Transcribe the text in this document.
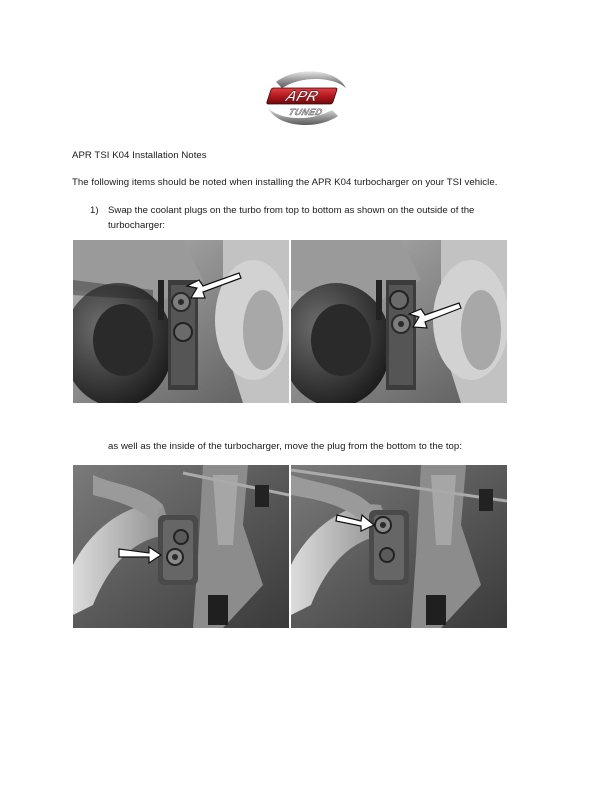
APR
TUNED
APR TSI K04 Installation Notes
The following items should be noted when installing the APR K04 turbocharger on your TSI vehicle.
1) Swap the coolant plugs on the turbo from top to bottom as shown on the outside of the turbocharger:
as well as the inside of the turbocharger, move the plug from the bottom to the top:
